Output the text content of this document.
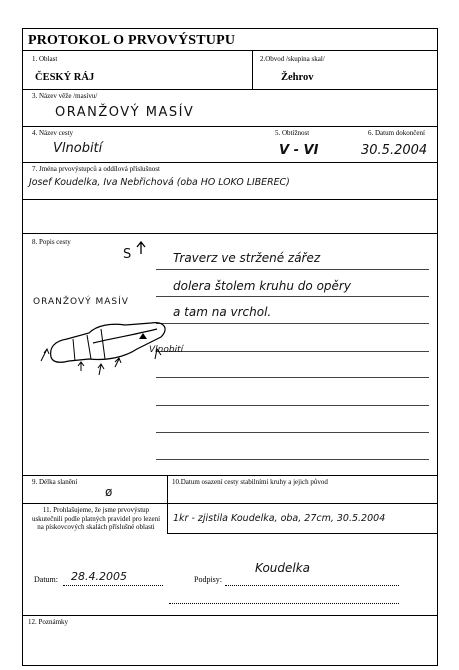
PROTOKOL O PRVOVÝSTUPU
1. Oblast	2.Obvod /skupina skal/
ČESKÝ RÁJ	Žehrov
3. Název věže /masívu/
ORANŽOVÝ MASÍV
4. Název cesty	5. Obtížnost	6. Datum dokončení
Vlnobití	V - VI	30.5.2004
7. Jména prvovýstupců a oddílová příslušnost
Josef Koudelka, Iva Nebřichová (oba HO LOKO LIBEREC)
8. Popis cesty
S	Traverz ve stržené zářez
dolera štolem kruhu do opěry
a tam na vrchol.
ORANŽOVÝ MASÍV
Vlnobití
9. Délka slanění	10.Datum osazení cesty stabilními kruhy a jejich původ
ø
11. Prohlašujeme, že jsme prvovýstup uskutečnili podle platných pravidel pro lezení na pískovcových skalách příslušné oblasti
1kr - zjistila Koudelka, oba, 27cm, 30.5.2004
Datum: 28.4.2005	Podpisy:
Koudelka
12. Poznámky
